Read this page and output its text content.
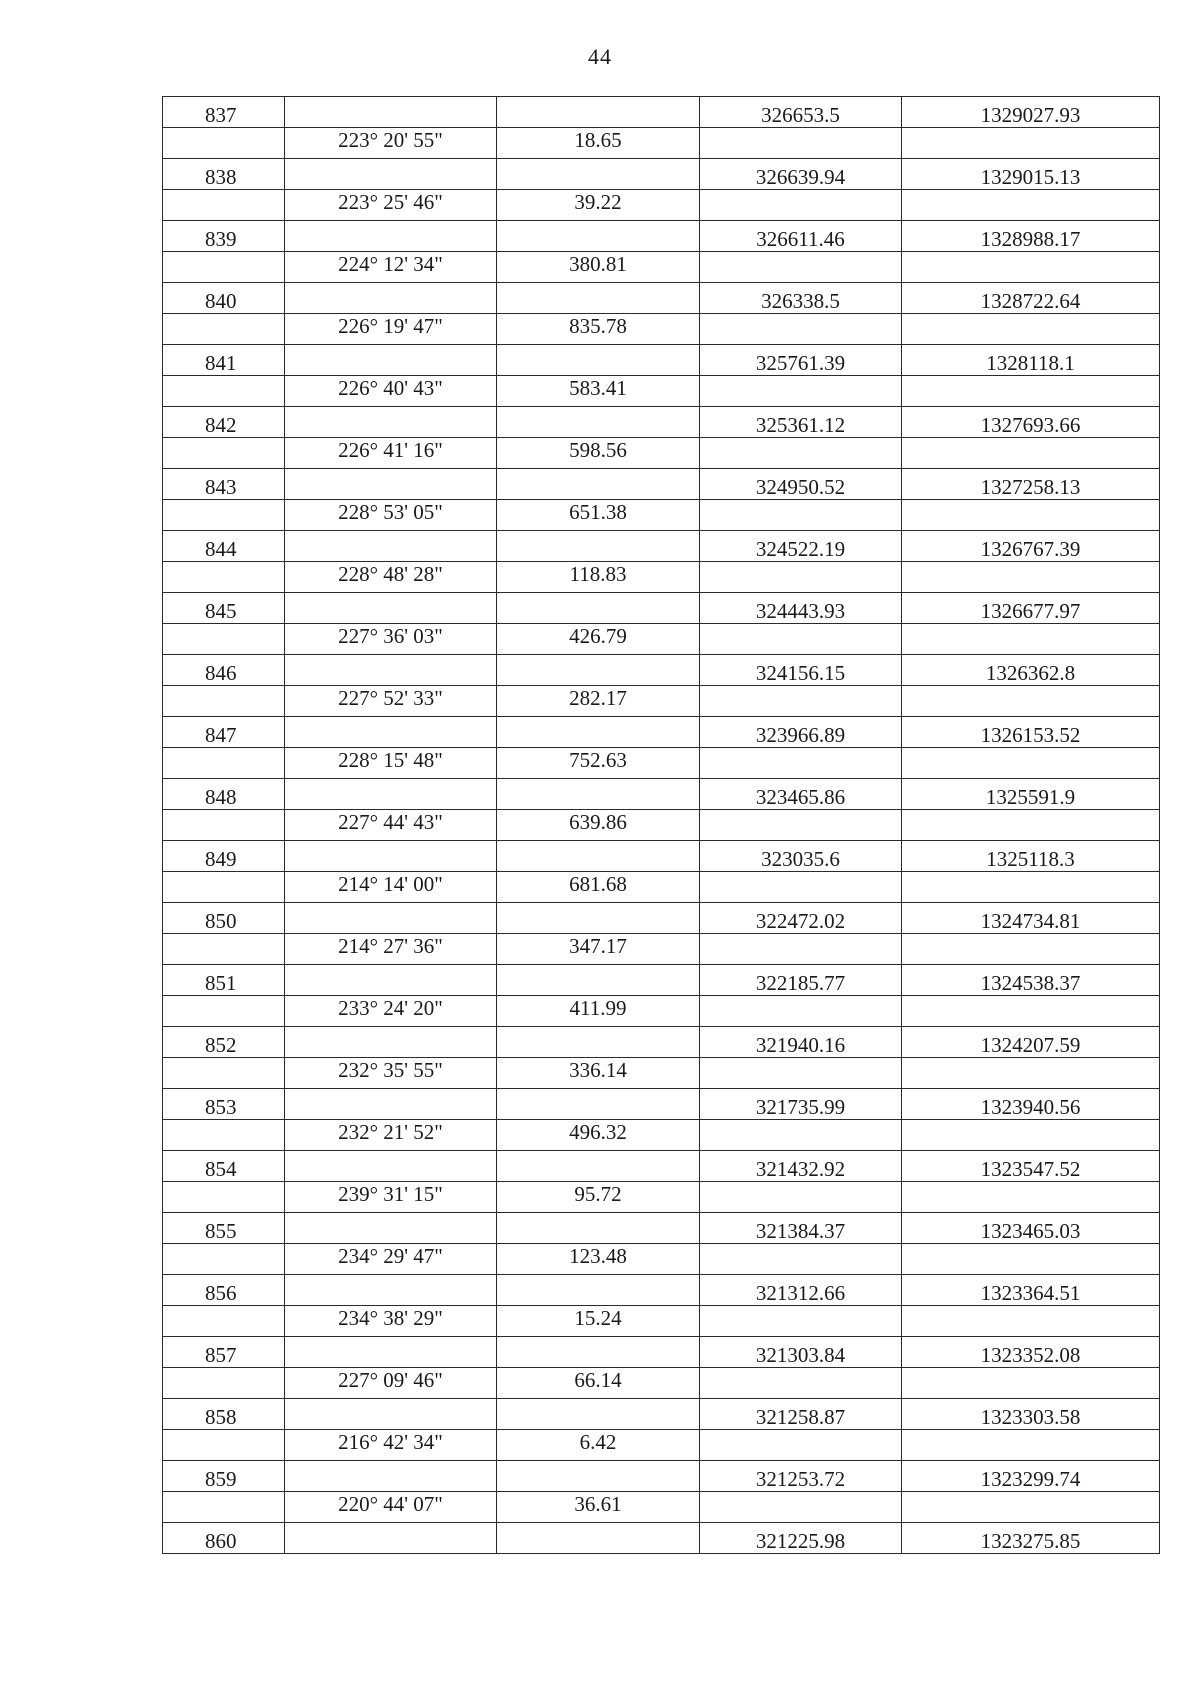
44
837			326653.5	1329027.93
	223° 20' 55"	18.65		
838			326639.94	1329015.13
	223° 25' 46"	39.22		
839			326611.46	1328988.17
	224° 12' 34"	380.81		
840			326338.5	1328722.64
	226° 19' 47"	835.78		
841			325761.39	1328118.1
	226° 40' 43"	583.41		
842			325361.12	1327693.66
	226° 41' 16"	598.56		
843			324950.52	1327258.13
	228° 53' 05"	651.38		
844			324522.19	1326767.39
	228° 48' 28"	118.83		
845			324443.93	1326677.97
	227° 36' 03"	426.79		
846			324156.15	1326362.8
	227° 52' 33"	282.17		
847			323966.89	1326153.52
	228° 15' 48"	752.63		
848			323465.86	1325591.9
	227° 44' 43"	639.86		
849			323035.6	1325118.3
	214° 14' 00"	681.68		
850			322472.02	1324734.81
	214° 27' 36"	347.17		
851			322185.77	1324538.37
	233° 24' 20"	411.99		
852			321940.16	1324207.59
	232° 35' 55"	336.14		
853			321735.99	1323940.56
	232° 21' 52"	496.32		
854			321432.92	1323547.52
	239° 31' 15"	95.72		
855			321384.37	1323465.03
	234° 29' 47"	123.48		
856			321312.66	1323364.51
	234° 38' 29"	15.24		
857			321303.84	1323352.08
	227° 09' 46"	66.14		
858			321258.87	1323303.58
	216° 42' 34"	6.42		
859			321253.72	1323299.74
	220° 44' 07"	36.61		
860			321225.98	1323275.85
